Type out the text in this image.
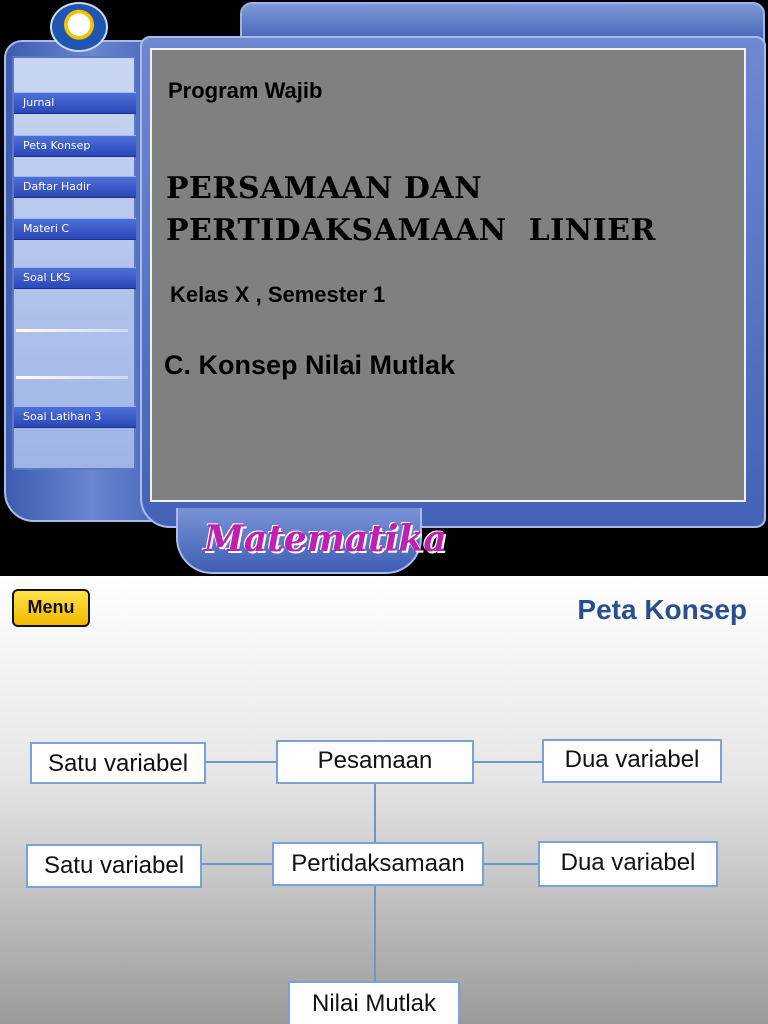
Jurnal
Peta Konsep
Daftar Hadir
Materi C
Soal LKS
Soal Latihan 3
Program Wajib
PERSAMAAN DAN
PERTIDAKSAMAAN  LINIER
Kelas X , Semester 1
C. Konsep Nilai Mutlak
Matematika
Menu	Peta Konsep
Satu variabel	Pesamaan	Dua variabel
Satu variabel	Pertidaksamaan	Dua variabel
Nilai Mutlak
